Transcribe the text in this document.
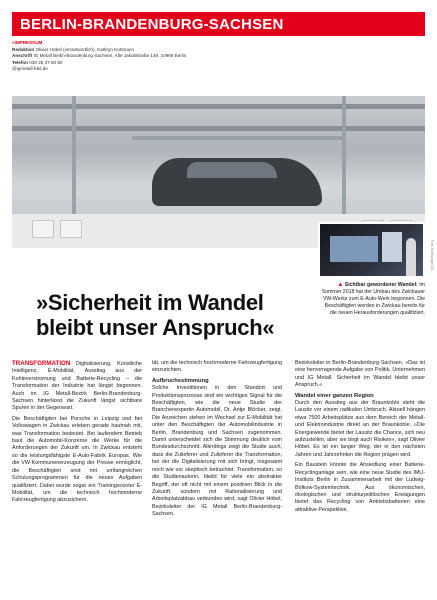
BERLIN-BRANDENBURG-SACHSEN
»IMPRESSUM
Redaktion Olivier Höbel (verantwortlich), Kathryn Kortmann
Anschrift IG Metall Berlin-Brandenburg-Sachsen, Alte Jakobstraße 149, 10969 Berlin
Telefon 030 25 37 50 50
@igmetall-bbs.de
Foto: Volkswagen AG
▲ Sichtbar gewordener Wandel: Im Sommer 2018 hat der Umbau des Zwickauer VW-Werks zum E-Auto-Werk begonnen. Die Beschäftigten werden in Zwickau bereits für die neuen Herausforderungen qualifiziert.
»Sicherheit im Wandel bleibt unser Anspruch«

TRANSFORMATION Digitalisierung, Künstliche Intelligenz, E-Mobilität, Ausstieg aus der Kohleverstromung und Batterie-Recycling – die Transformation der Industrie hat längst begonnen. Auch im IG Metall-Bezirk Berlin-Brandenburg-Sachsen hinterlässt die Zukunft längst sichtbare Spuren in der Gegenwart.

Die Beschäftigten bei Porsche in Leipzig und bei Volkswagen in Zwickau erleben gerade hautnah mit, was Transformation bedeutet. Bei laufendem Betrieb baut die Automobil-Konzerne die Werke für die Anforderungen der Zukunft um. In Zwickau entsteht so die leistungsfähigste E-Auto-Fabrik Europas. Wie die VW-Kommunenerzeugung der Presse ermöglicht, die Beschäftigten sind mit umfangreichen Schulungsprogrammen für die neuen Aufgaben qualifiziert. Dabei wurde sogar ein Trainingscenter E-Mobilität, um die technisch hochmoderne Fahrzeugfertigung abzusichern.

tät, um die technisch hochmoderne Fahrzeugfertigung einzurichten.

Aufbruchsstimmung
Solche Investitionen in den Standort und Produktionsprozesse sind ein wichtiges Signal für die Beschäftigten, wie die neue Studie der Branchenexpertin Automobil, Dr. Antje Blöcker, zeigt. Die Anzeichen stehen im Wechsel zur E-Mobilität hat unter den Beschäftigten der Automobilindustrie in Berlin, Brandenburg und Sachsen zugenommen. Damit unterscheidet sich die Stimmung deutlich vom Bundesdurchschnitt. Allerdings zeigt die Studie auch, dass die Zulieferer und Zulieferer die Transformation, bei der die Digitalisierung mit sich bringt, insgesamt noch wie vor skeptisch betrachtet. Transformation, so die Studienautorin, bleibt für viele ein abstrakter Begriff, der oft nicht mit einem positiven Blick in die Zukunft, sondern mit Rationalisierung und Arbeitsplatzabbau verbunden wird, sagt Olivier Höbel, Bezirksleiter der IG Metall Berlin-Brandenburg-Sachsen.

Bezirksleiter in Berlin-Brandenburg-Sachsen. »Das ist eine hervorragende Aufgabe von Politik, Unternehmen und IG Metall. Sicherheit im Wandel bleibt unser Anspruch.«

Wandel einer ganzen Region
Durch den Ausstieg aus der Braunkohle steht die Lausitz vor einem radikalen Umbruch. Aktuell hängen etwa 7500 Arbeitsplätze aus dem Bereich der Metall- und Elektroindustrie direkt an der Braunkohle. »Die Energiewende bietet der Lausitz die Chance, sich neu aufzustellen, aber sie birgt auch Risiken«, sagt Olivier Höbel. Es ist ein langer Weg, der in den nächsten Jahren und Jahrzehnten die Region prägen wird.

Ein Baustein könnte die Ansiedlung einer Batterie-Recyclinganlage sein, wie eine neue Studie des IMU-Instituts Berlin in Zusammenarbeit mit der Ludwig-Bölkow-Systemtechnik. Aus ökonomischen, ökologischen und strukturpolitischen Erwägungen bietet das Recycling von Antriebsbatterien eine attraktive Perspektive.
